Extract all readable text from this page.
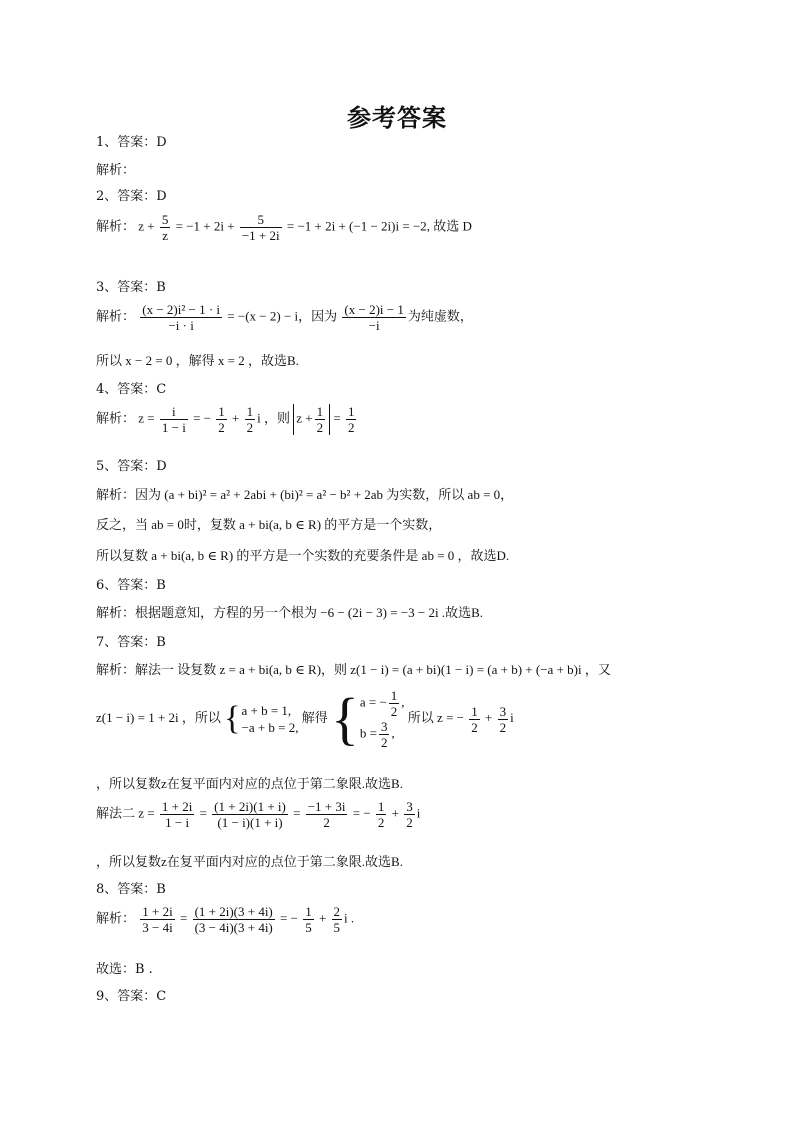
参考答案
1、答案：D
解析：
2、答案：D
解析： $z + \frac{5}{z} = -1 + 2i + \frac{5}{-1 + 2i} = -1 + 2i + (-1 - 2i)i = -2$, 故选 D
3、答案：B
解析： $\frac{\text{(x − 2)i² − 1 · i}}{-i \cdot i} = -(x - 2) - i$，因为 $\frac{(x - 2)i - 1}{-i}$ 为纯虚数，
所以 x − 2 = 0 ，解得 x = 2 ，故选B.
4、答案：C
解析： $z = \frac{i}{1 - i}$ = − $\frac{1}{2} + \frac{1}{2}$ i ，则 $z + \frac{1}{2} = \frac{1}{2}$
5、答案：D
解析：因为 (a + bi)² = a² + 2abi + (bi)² = a² − b² + 2ab 为实数，所以 ab = 0，
反之，当 ab = 0时，复数 a + bi(a, b ∈ R) 的平方是一个实数，
所以复数 a + bi(a, b ∈ R) 的平方是一个实数的充要条件是 ab = 0 ，故选D.
6、答案：B
解析：根据题意知，方程的另一个根为 −6 − (2i − 3) = −3 − 2i .故选B.
7、答案：B
解析：解法一 设复数 z = a + bi(a, b ∈ R)，则 z(1 − i) = (a + bi)(1 − i) = (a + b) + (−a + b)i ，又
z(1 − i) = 1 + 2i ，所以 { a + b = 1,
−a + b = 2,
解得 { a = − $\frac{1}{2}$ ,
$b = \frac{3}{2}$ ,
所以 z = − $\frac{1}{2} + \frac{3}{2}$ i
，所以复数z在复平面内对应的点位于第二象限.故选B.
解法二 $z = \frac{1 + 2i}{1 - i} = \frac{(1 + 2i)(1 + i)}{(1 - i)(1 + i)} = \frac{-1 + 3i}{2}$ = − $\frac{1}{2} + \frac{3}{2}$ i
，所以复数z在复平面内对应的点位于第二象限.故选B.
8、答案：B
解析： $\frac{1 + 2i}{3 - 4i} = \frac{(1 + 2i)(3 + 4i)}{(3 - 4i)(3 + 4i)}$ = − $\frac{1}{5} + \frac{2}{5}$ i .
故选：B .
9、答案：C
